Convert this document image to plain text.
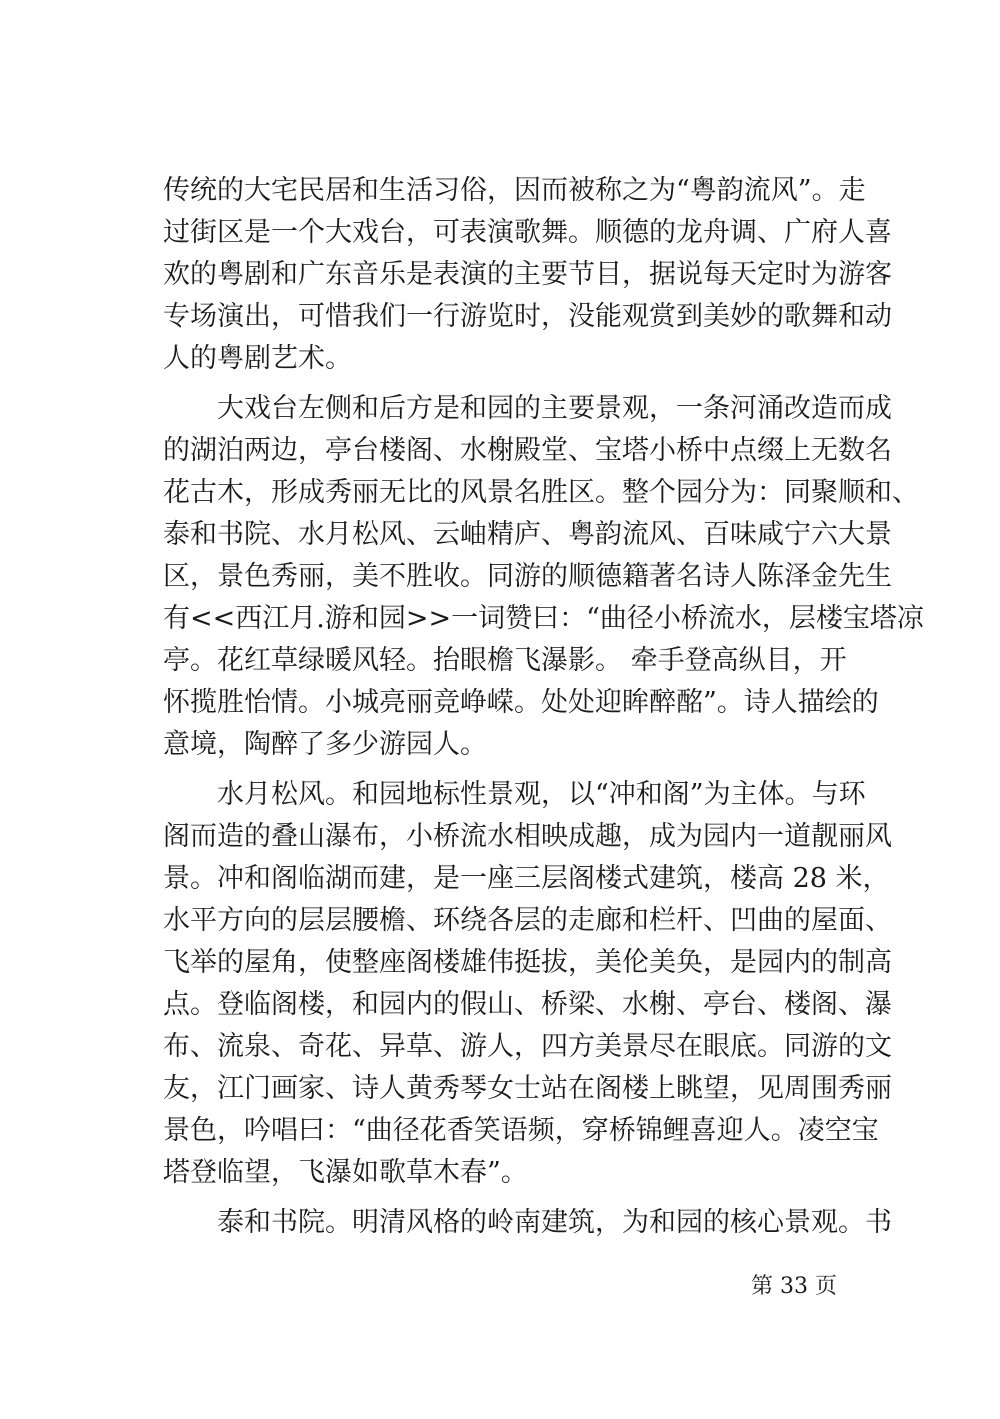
传统的大宅民居和生活习俗，因而被称之为“粤韵流风”。走
过街区是一个大戏台，可表演歌舞。顺德的龙舟调、广府人喜
欢的粤剧和广东音乐是表演的主要节目，据说每天定时为游客
专场演出，可惜我们一行游览时，没能观赏到美妙的歌舞和动
人的粤剧艺术。
大戏台左侧和后方是和园的主要景观，一条河涌改造而成
的湖泊两边，亭台楼阁、水榭殿堂、宝塔小桥中点缀上无数名
花古木，形成秀丽无比的风景名胜区。整个园分为：同聚顺和、
泰和书院、水月松风、云岫精庐、粤韵流风、百味咸宁六大景
区，景色秀丽，美不胜收。同游的顺德籍著名诗人陈泽金先生
有<<西江月.游和园>>一词赞曰：“曲径小桥流水，层楼宝塔凉
亭。花红草绿暖风轻。抬眼檐飞瀑影。 牵手登高纵目，开
怀揽胜怡情。小城亮丽竞峥嵘。处处迎眸醉酩”。诗人描绘的
意境，陶醉了多少游园人。
水月松风。和园地标性景观，以“冲和阁”为主体。与环
阁而造的叠山瀑布，小桥流水相映成趣，成为园内一道靓丽风
景。冲和阁临湖而建，是一座三层阁楼式建筑，楼高 28 米，
水平方向的层层腰檐、环绕各层的走廊和栏杆、凹曲的屋面、
飞举的屋角，使整座阁楼雄伟挺拔，美伦美奂，是园内的制高
点。登临阁楼，和园内的假山、桥梁、水榭、亭台、楼阁、瀑
布、流泉、奇花、异草、游人，四方美景尽在眼底。同游的文
友，江门画家、诗人黄秀琴女士站在阁楼上眺望，见周围秀丽
景色，吟唱曰：“曲径花香笑语频，穿桥锦鲤喜迎人。凌空宝
塔登临望，飞瀑如歌草木春”。
泰和书院。明清风格的岭南建筑，为和园的核心景观。书
第 33 页
